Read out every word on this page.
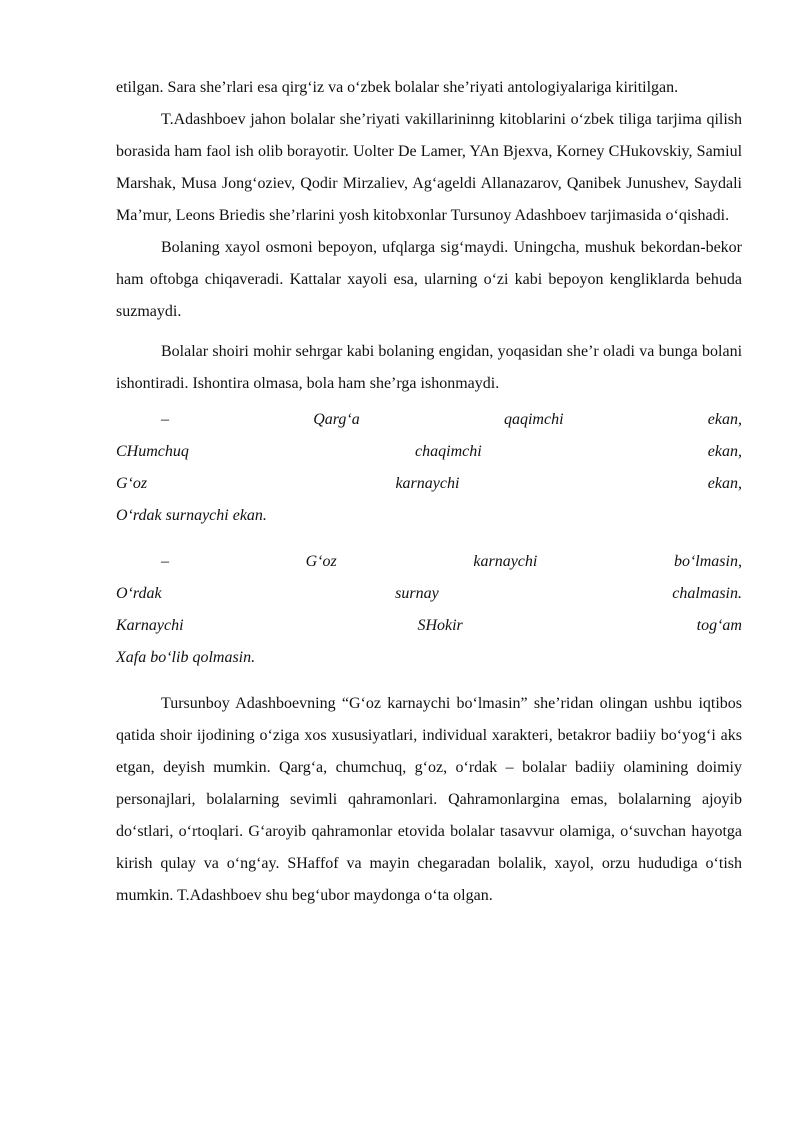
etilgan. Sara she’rlari esa qirg‘iz va o‘zbek bolalar she’riyati antologiyalariga kiritilgan.

T.Adashboev jahon bolalar she’riyati vakillarininng kitoblarini o‘zbek tiliga tarjima qilish borasida ham faol ish olib borayotir. Uolter De Lamer, YAn Bjexva, Korney CHukovskiy, Samiul Marshak, Musa Jong‘oziev, Qodir Mirzaliev, Ag‘ageldi Allanazarov, Qanibek Junushev, Saydali Ma’mur, Leons Briedis she’rlarini yosh kitobxonlar Tursunoy Adashboev tarjimasida o‘qishadi.

Bolaning xayol osmoni bepoyon, ufqlarga sig‘maydi. Uningcha, mushuk bekordan-bekor ham oftobga chiqaveradi. Kattalar xayoli esa, ularning o‘zi kabi bepoyon kengliklarda behuda suzmaydi.

Bolalar shoiri mohir sehrgar kabi bolaning engidan, yoqasidan she’r oladi va bunga bolani ishontiradi. Ishontira olmasa, bola ham she’rga ishonmaydi.

–	Qarg‘a	qaqimchi	ekan,
CHumchuq	chaqimchi	ekan,
G‘oz	karnaychi	ekan,
O‘rdak surnaychi ekan.
–	G‘oz	karnaychi	bo‘lmasin,
O‘rdak	surnay	chalmasin.
Karnaychi	SHokir	tog‘am
Xafa bo‘lib qolmasin.

Tursunboy Adashboevning “G‘oz karnaychi bo‘lmasin” she’ridan olingan ushbu iqtibos qatida shoir ijodining o‘ziga xos xususiyatlari, individual xarakteri, betakror badiiy bo‘yog‘i aks etgan, deyish mumkin. Qarg‘a, chumchuq, g‘oz, o‘rdak – bolalar badiiy olamining doimiy personajlari, bolalarning sevimli qahramonlari. Qahramonlargina emas, bolalarning ajoyib do‘stlari, o‘rtoqlari. G‘aroyib qahramonlar etovida bolalar tasavvur olamiga, o‘suvchan hayotga kirish qulay va o‘ng‘ay. SHaffof va mayin chegaradan bolalik, xayol, orzu hududiga o‘tish mumkin. T.Adashboev shu beg‘ubor maydonga o‘ta olgan.
